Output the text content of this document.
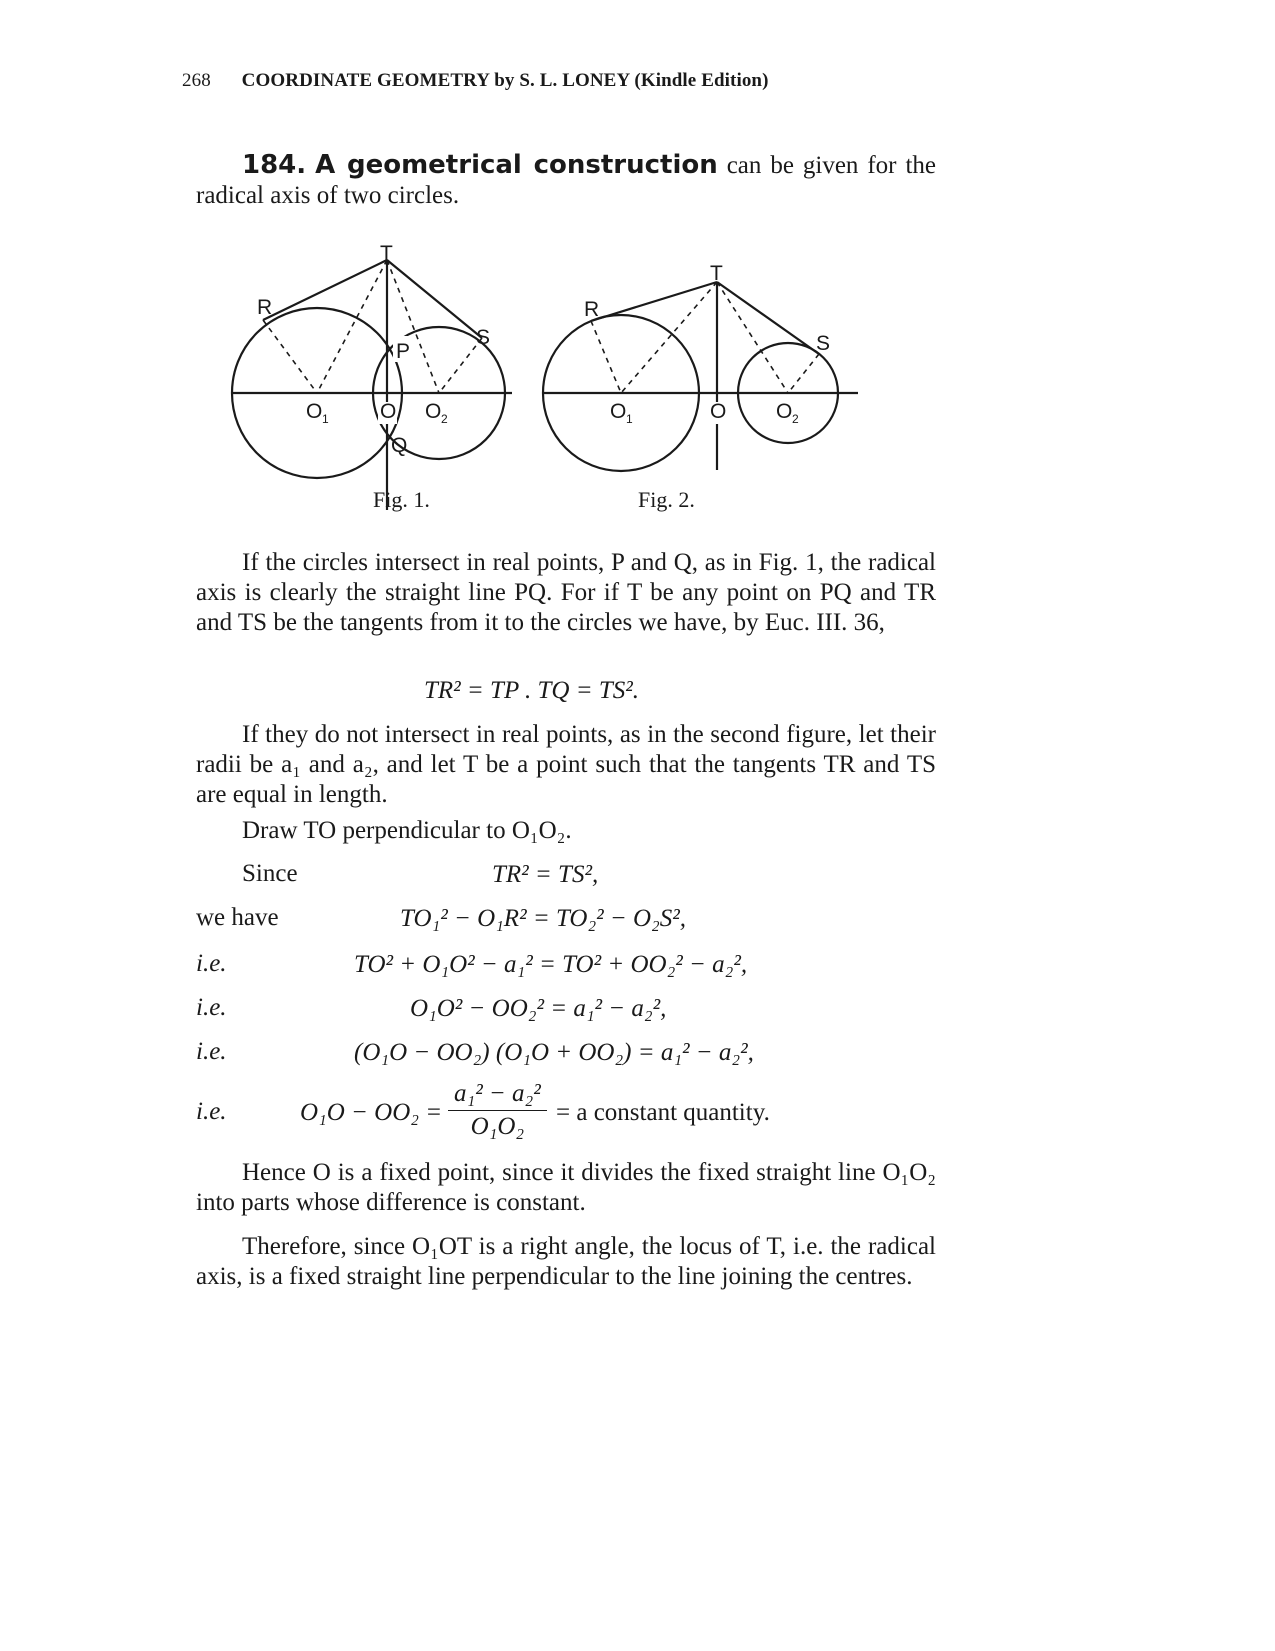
268 COORDINATE GEOMETRY by S. L. LONEY (Kindle Edition)
184. A geometrical construction can be given for the radical axis of two circles.
T
R
S
P
Q
O 1 O O 2
T
R
S
O 1	O O 2
Fig. 1.	Fig. 2.
If the circles intersect in real points, P and Q, as in Fig. 1, the radical axis is clearly the straight line PQ. For if T be any point on PQ and TR and TS be the tangents from it to the circles we have, by Euc. III. 36,
TR² = TP . TQ = TS².
If they do not intersect in real points, as in the second figure, let their radii be a₁ and a₂, and let T be a point such that the tangents TR and TS are equal in length.
Draw TO perpendicular to O₁O₂.
Since	TR² = TS²,
we have	TO₁² − O₁R² = TO₂² − O₂S²,
i.e.	TO² + O₁O² − a₁² = TO² + OO₂² − a₂²,
i.e.	O₁O² − OO₂² = a₁² − a₂²,
i.e.	(O₁O − OO₂) (O₁O + OO₂) = a₁² − a₂²,
i.e.	$O_1O - OO_2 = \frac{\text{a₁² − a₂²}}{\text{O₁O₂}} = a$ constant quantity.
Hence O is a fixed point, since it divides the fixed straight line O₁O₂ into parts whose difference is constant.
Therefore, since O₁OT is a right angle, the locus of T, i.e. the radical axis, is a fixed straight line perpendicular to the line joining the centres.
